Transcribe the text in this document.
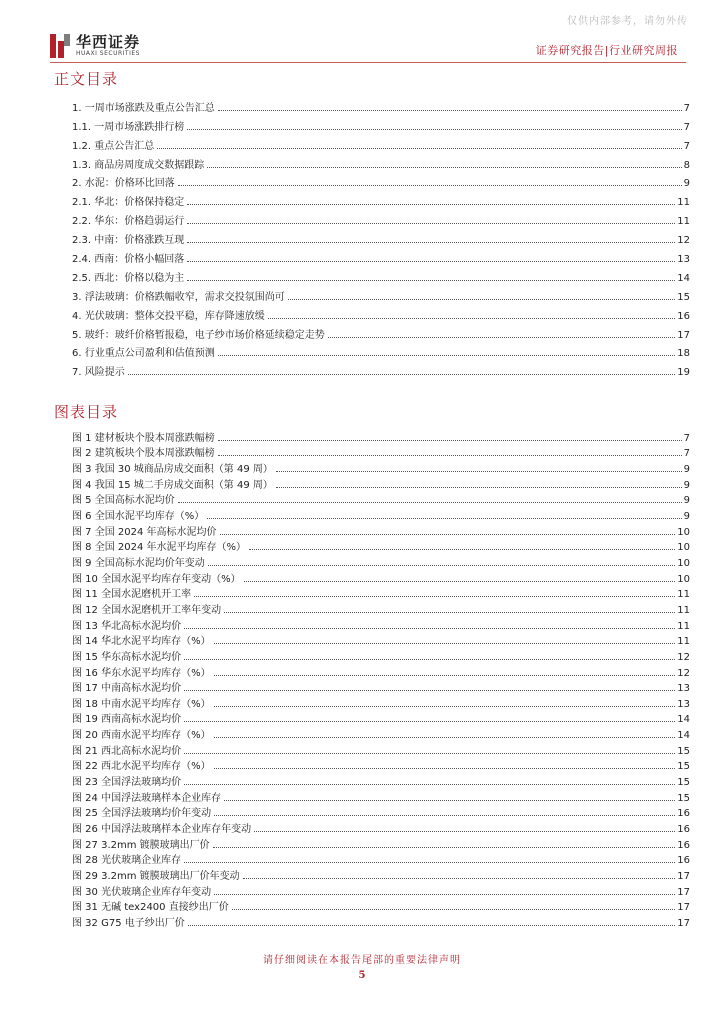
仅供内部参考，请勿外传
华西证券
HUAXI SECURITIES	证券研究报告|行业研究周报
正文目录
1. 一周市场涨跌及重点公告汇总	7
1.1. 一周市场涨跌排行榜	7
1.2. 重点公告汇总	7
1.3. 商品房周度成交数据跟踪	8
2. 水泥：价格环比回落	9
2.1. 华北：价格保持稳定	11
2.2. 华东：价格趋弱运行	11
2.3. 中南：价格涨跌互现	12
2.4. 西南：价格小幅回落	13
2.5. 西北：价格以稳为主	14
3. 浮法玻璃：价格跌幅收窄，需求交投氛围尚可	15
4. 光伏玻璃：整体交投平稳，库存降速放缓	16
5. 玻纤：玻纤价格暂报稳，电子纱市场价格延续稳定走势	17
6. 行业重点公司盈利和估值预测	18
7. 风险提示	19
图表目录
图 1 建材板块个股本周涨跌幅榜	7
图 2 建筑板块个股本周涨跌幅榜	7
图 3 我国 30 城商品房成交面积（第 49 周）	9
图 4 我国 15 城二手房成交面积（第 49 周）	9
图 5 全国高标水泥均价	9
图 6 全国水泥平均库存（%）	9
图 7 全国 2024 年高标水泥均价	10
图 8 全国 2024 年水泥平均库存（%）	10
图 9 全国高标水泥均价年变动	10
图 10 全国水泥平均库存年变动（%）	10
图 11 全国水泥磨机开工率	11
图 12 全国水泥磨机开工率年变动	11
图 13 华北高标水泥均价	11
图 14 华北水泥平均库存（%）	11
图 15 华东高标水泥均价	12
图 16 华东水泥平均库存（%）	12
图 17 中南高标水泥均价	13
图 18 中南水泥平均库存（%）	13
图 19 西南高标水泥均价	14
图 20 西南水泥平均库存（%）	14
图 21 西北高标水泥均价	15
图 22 西北水泥平均库存（%）	15
图 23 全国浮法玻璃均价	15
图 24 中国浮法玻璃样本企业库存	15
图 25 全国浮法玻璃均价年变动	16
图 26 中国浮法玻璃样本企业库存年变动	16
图 27 3.2mm 镀膜玻璃出厂价	16
图 28 光伏玻璃企业库存	16
图 29 3.2mm 镀膜玻璃出厂价年变动	17
图 30 光伏玻璃企业库存年变动	17
图 31 无碱 tex2400 直接纱出厂价	17
图 32 G75 电子纱出厂价	17
请仔细阅读在本报告尾部的重要法律声明
5
